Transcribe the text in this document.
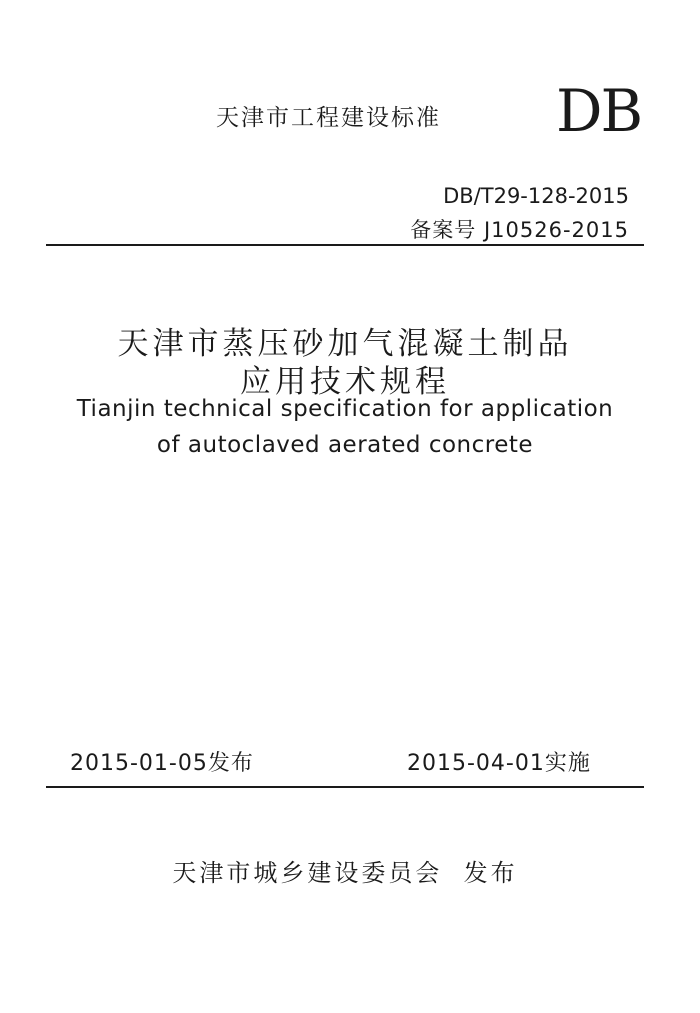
天津市工程建设标准 DB

DB/T29-128-2015

备案号 J10526-2015

天津市蒸压砂加气混凝土制品

应用技术规程

Tianjin technical specification for application

of autoclaved aerated concrete

2015-01-05发布	2015-04-01实施

天津市城乡建设委员会  发布
